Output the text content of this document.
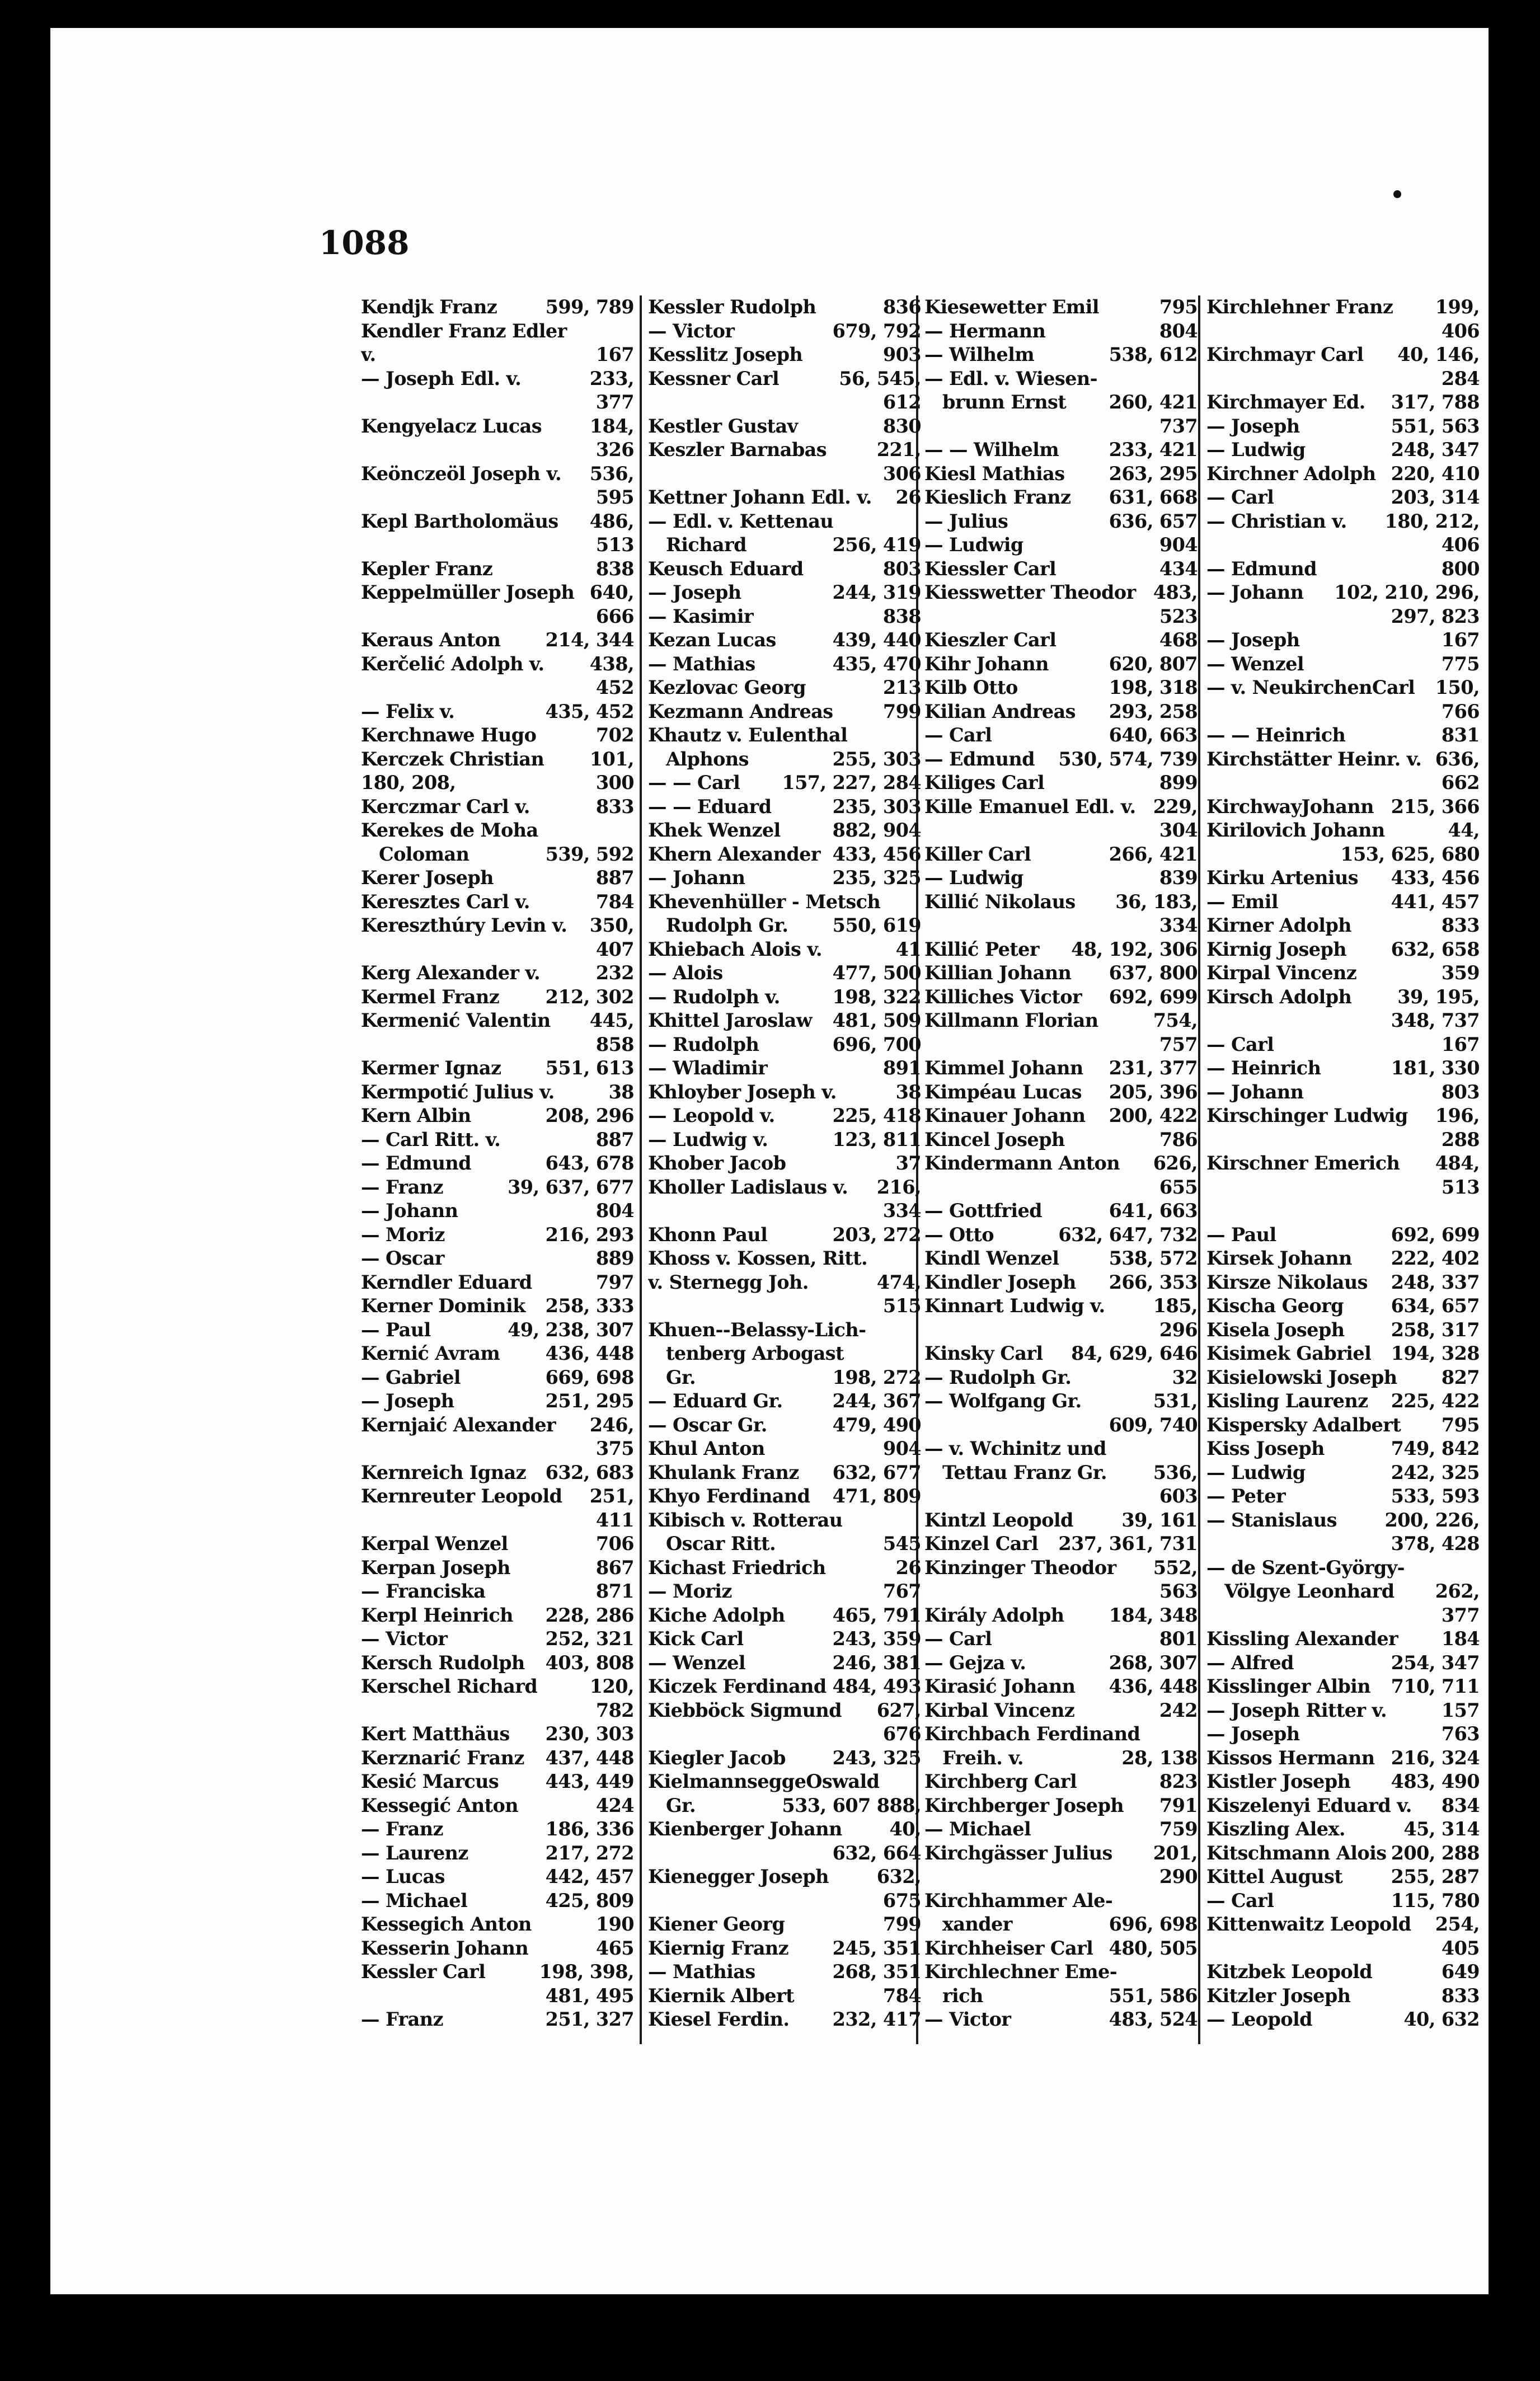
1088
599, 789
Kendjk Franz
Kendler Franz Edler
167
v.
233,
— Joseph Edl. v.
377
184,
Kengyelacz Lucas
326
536,
Keönczeöl Joseph v.
595
486,
Kepl Bartholomäus
513
838
Kepler Franz
640,
Keppelmüller Joseph
666
214, 344
Keraus Anton
438,
Kerčelić Adolph v.
452
435, 452
— Felix v.
702
Kerchnawe Hugo
101,
Kerczek Christian
300
180, 208,
833
Kerczmar Carl v.
Kerekes de Moha
539, 592
Coloman
887
Kerer Joseph
784
Keresztes Carl v.
350,
Kereszthúry Levin v.
407
232
Kerg Alexander v.
212, 302
Kermel Franz
445,
Kermenić Valentin
858
551, 613
Kermer Ignaz
38
Kermpotić Julius v.
208, 296
Kern Albin
887
— Carl Ritt. v.
643, 678
— Edmund
39, 637, 677
— Franz
804
— Johann
216, 293
— Moriz
889
— Oscar
797
Kerndler Eduard
258, 333
Kerner Dominik
49, 238, 307
— Paul
436, 448
Kernić Avram
669, 698
— Gabriel
251, 295
— Joseph
246,
Kernjaić Alexander
375
632, 683
Kernreich Ignaz
251,
Kernreuter Leopold
411
706
Kerpal Wenzel
867
Kerpan Joseph
871
— Franciska
228, 286
Kerpl Heinrich
252, 321
— Victor
403, 808
Kersch Rudolph
120,
Kerschel Richard
782
230, 303
Kert Matthäus
437, 448
Kerznarić Franz
443, 449
Kesić Marcus
424
Kessegić Anton
186, 336
— Franz
217, 272
— Laurenz
442, 457
— Lucas
425, 809
— Michael
190
Kessegich Anton
465
Kesserin Johann
198, 398,
Kessler Carl
481, 495
251, 327
— Franz
836
Kessler Rudolph
679, 792
— Victor
903
Kesslitz Joseph
56, 545,
Kessner Carl
612
830
Kestler Gustav
221,
Keszler Barnabas
306
26
Kettner Johann Edl. v.
— Edl. v. Kettenau
256, 419
Richard
803
Keusch Eduard
244, 319
— Joseph
838
— Kasimir
439, 440
Kezan Lucas
435, 470
— Mathias
213
Kezlovac Georg
799
Kezmann Andreas
Khautz v. Eulenthal
255, 303
Alphons
157, 227, 284
— — Carl
235, 303
— — Eduard
882, 904
Khek Wenzel
433, 456
Khern Alexander
235, 325
— Johann
Khevenhüller - Metsch
550, 619
Rudolph Gr.
41
Khiebach Alois v.
477, 500
— Alois
198, 322
— Rudolph v.
481, 509
Khittel Jaroslaw
696, 700
— Rudolph
891
— Wladimir
38
Khloyber Joseph v.
225, 418
— Leopold v.
123, 811
— Ludwig v.
37
Khober Jacob
216,
Kholler Ladislaus v.
334
203, 272
Khonn Paul
Khoss v. Kossen, Ritt.
474,
v. Sternegg Joh.
515
Khuen--Belassy-Lich-
tenberg Arbogast
198, 272
Gr.
244, 367
— Eduard Gr.
479, 490
— Oscar Gr.
904
Khul Anton
632, 677
Khulank Franz
471, 809
Khyo Ferdinand
Kibisch v. Rotterau
545
Oscar Ritt.
26
Kichast Friedrich
767
— Moriz
465, 791
Kiche Adolph
243, 359
Kick Carl
246, 381
— Wenzel
484, 493
Kiczek Ferdinand
627,
Kiebböck Sigmund
676
243, 325
Kiegler Jacob
KielmannseggeOswald
533, 607 888,
Gr.
40,
Kienberger Johann
632, 664
632,
Kienegger Joseph
675
799
Kiener Georg
245, 351
Kiernig Franz
268, 351
— Mathias
784
Kiernik Albert
232, 417
Kiesel Ferdin.
795
Kiesewetter Emil
804
— Hermann
538, 612
— Wilhelm
— Edl. v. Wiesen-
260, 421
brunn Ernst
737
233, 421
— — Wilhelm
263, 295
Kiesl Mathias
631, 668
Kieslich Franz
636, 657
— Julius
904
— Ludwig
434
Kiessler Carl
483,
Kiesswetter Theodor
523
468
Kieszler Carl
620, 807
Kihr Johann
198, 318
Kilb Otto
293, 258
Kilian Andreas
640, 663
— Carl
530, 574, 739
— Edmund
899
Kiliges Carl
229,
Kille Emanuel Edl. v.
304
266, 421
Killer Carl
839
— Ludwig
36, 183,
Killić Nikolaus
334
48, 192, 306
Killić Peter
637, 800
Killian Johann
692, 699
Killiches Victor
754,
Killmann Florian
757
231, 377
Kimmel Johann
205, 396
Kimpéau Lucas
200, 422
Kinauer Johann
786
Kincel Joseph
626,
Kindermann Anton
655
641, 663
— Gottfried
632, 647, 732
— Otto
538, 572
Kindl Wenzel
266, 353
Kindler Joseph
185,
Kinnart Ludwig v.
296
84, 629, 646
Kinsky Carl
32
— Rudolph Gr.
531,
— Wolfgang Gr.
609, 740
— v. Wchinitz und
536,
Tettau Franz Gr.
603
39, 161
Kintzl Leopold
237, 361, 731
Kinzel Carl
552,
Kinzinger Theodor
563
184, 348
Király Adolph
801
— Carl
268, 307
— Gejza v.
436, 448
Kirasić Johann
242
Kirbal Vincenz
Kirchbach Ferdinand
28, 138
Freih. v.
823
Kirchberg Carl
791
Kirchberger Joseph
759
— Michael
201,
Kirchgässer Julius
290
Kirchhammer Ale-
696, 698
xander
480, 505
Kirchheiser Carl
Kirchlechner Eme-
551, 586
rich
483, 524
— Victor
199,
Kirchlehner Franz
406
40, 146,
Kirchmayr Carl
284
317, 788
Kirchmayer Ed.
551, 563
— Joseph
248, 347
— Ludwig
220, 410
Kirchner Adolph
203, 314
— Carl
180, 212,
— Christian v.
406
800
— Edmund
102, 210, 296,
— Johann
297, 823
167
— Joseph
775
— Wenzel
150,
— v. NeukirchenCarl
766
831
— — Heinrich
636,
Kirchstätter Heinr. v.
662
215, 366
KirchwayJohann
44,
Kirilovich Johann
153, 625, 680
433, 456
Kirku Artenius
441, 457
— Emil
833
Kirner Adolph
632, 658
Kirnig Joseph
359
Kirpal Vincenz
39, 195,
Kirsch Adolph
348, 737
167
— Carl
181, 330
— Heinrich
803
— Johann
196,
Kirschinger Ludwig
288
484,
Kirschner Emerich
513
692, 699
— Paul
222, 402
Kirsek Johann
248, 337
Kirsze Nikolaus
634, 657
Kischa Georg
258, 317
Kisela Joseph
194, 328
Kisimek Gabriel
827
Kisielowski Joseph
225, 422
Kisling Laurenz
795
Kispersky Adalbert
749, 842
Kiss Joseph
242, 325
— Ludwig
533, 593
— Peter
200, 226,
— Stanislaus
378, 428
— de Szent-György-
262,
Völgye Leonhard
377
184
Kissling Alexander
254, 347
— Alfred
710, 711
Kisslinger Albin
157
— Joseph Ritter v.
763
— Joseph
216, 324
Kissos Hermann
483, 490
Kistler Joseph
834
Kiszelenyi Eduard v.
45, 314
Kiszling Alex.
200, 288
Kitschmann Alois
255, 287
Kittel August
115, 780
— Carl
254,
Kittenwaitz Leopold
405
649
Kitzbek Leopold
833
Kitzler Joseph
40, 632
— Leopold
